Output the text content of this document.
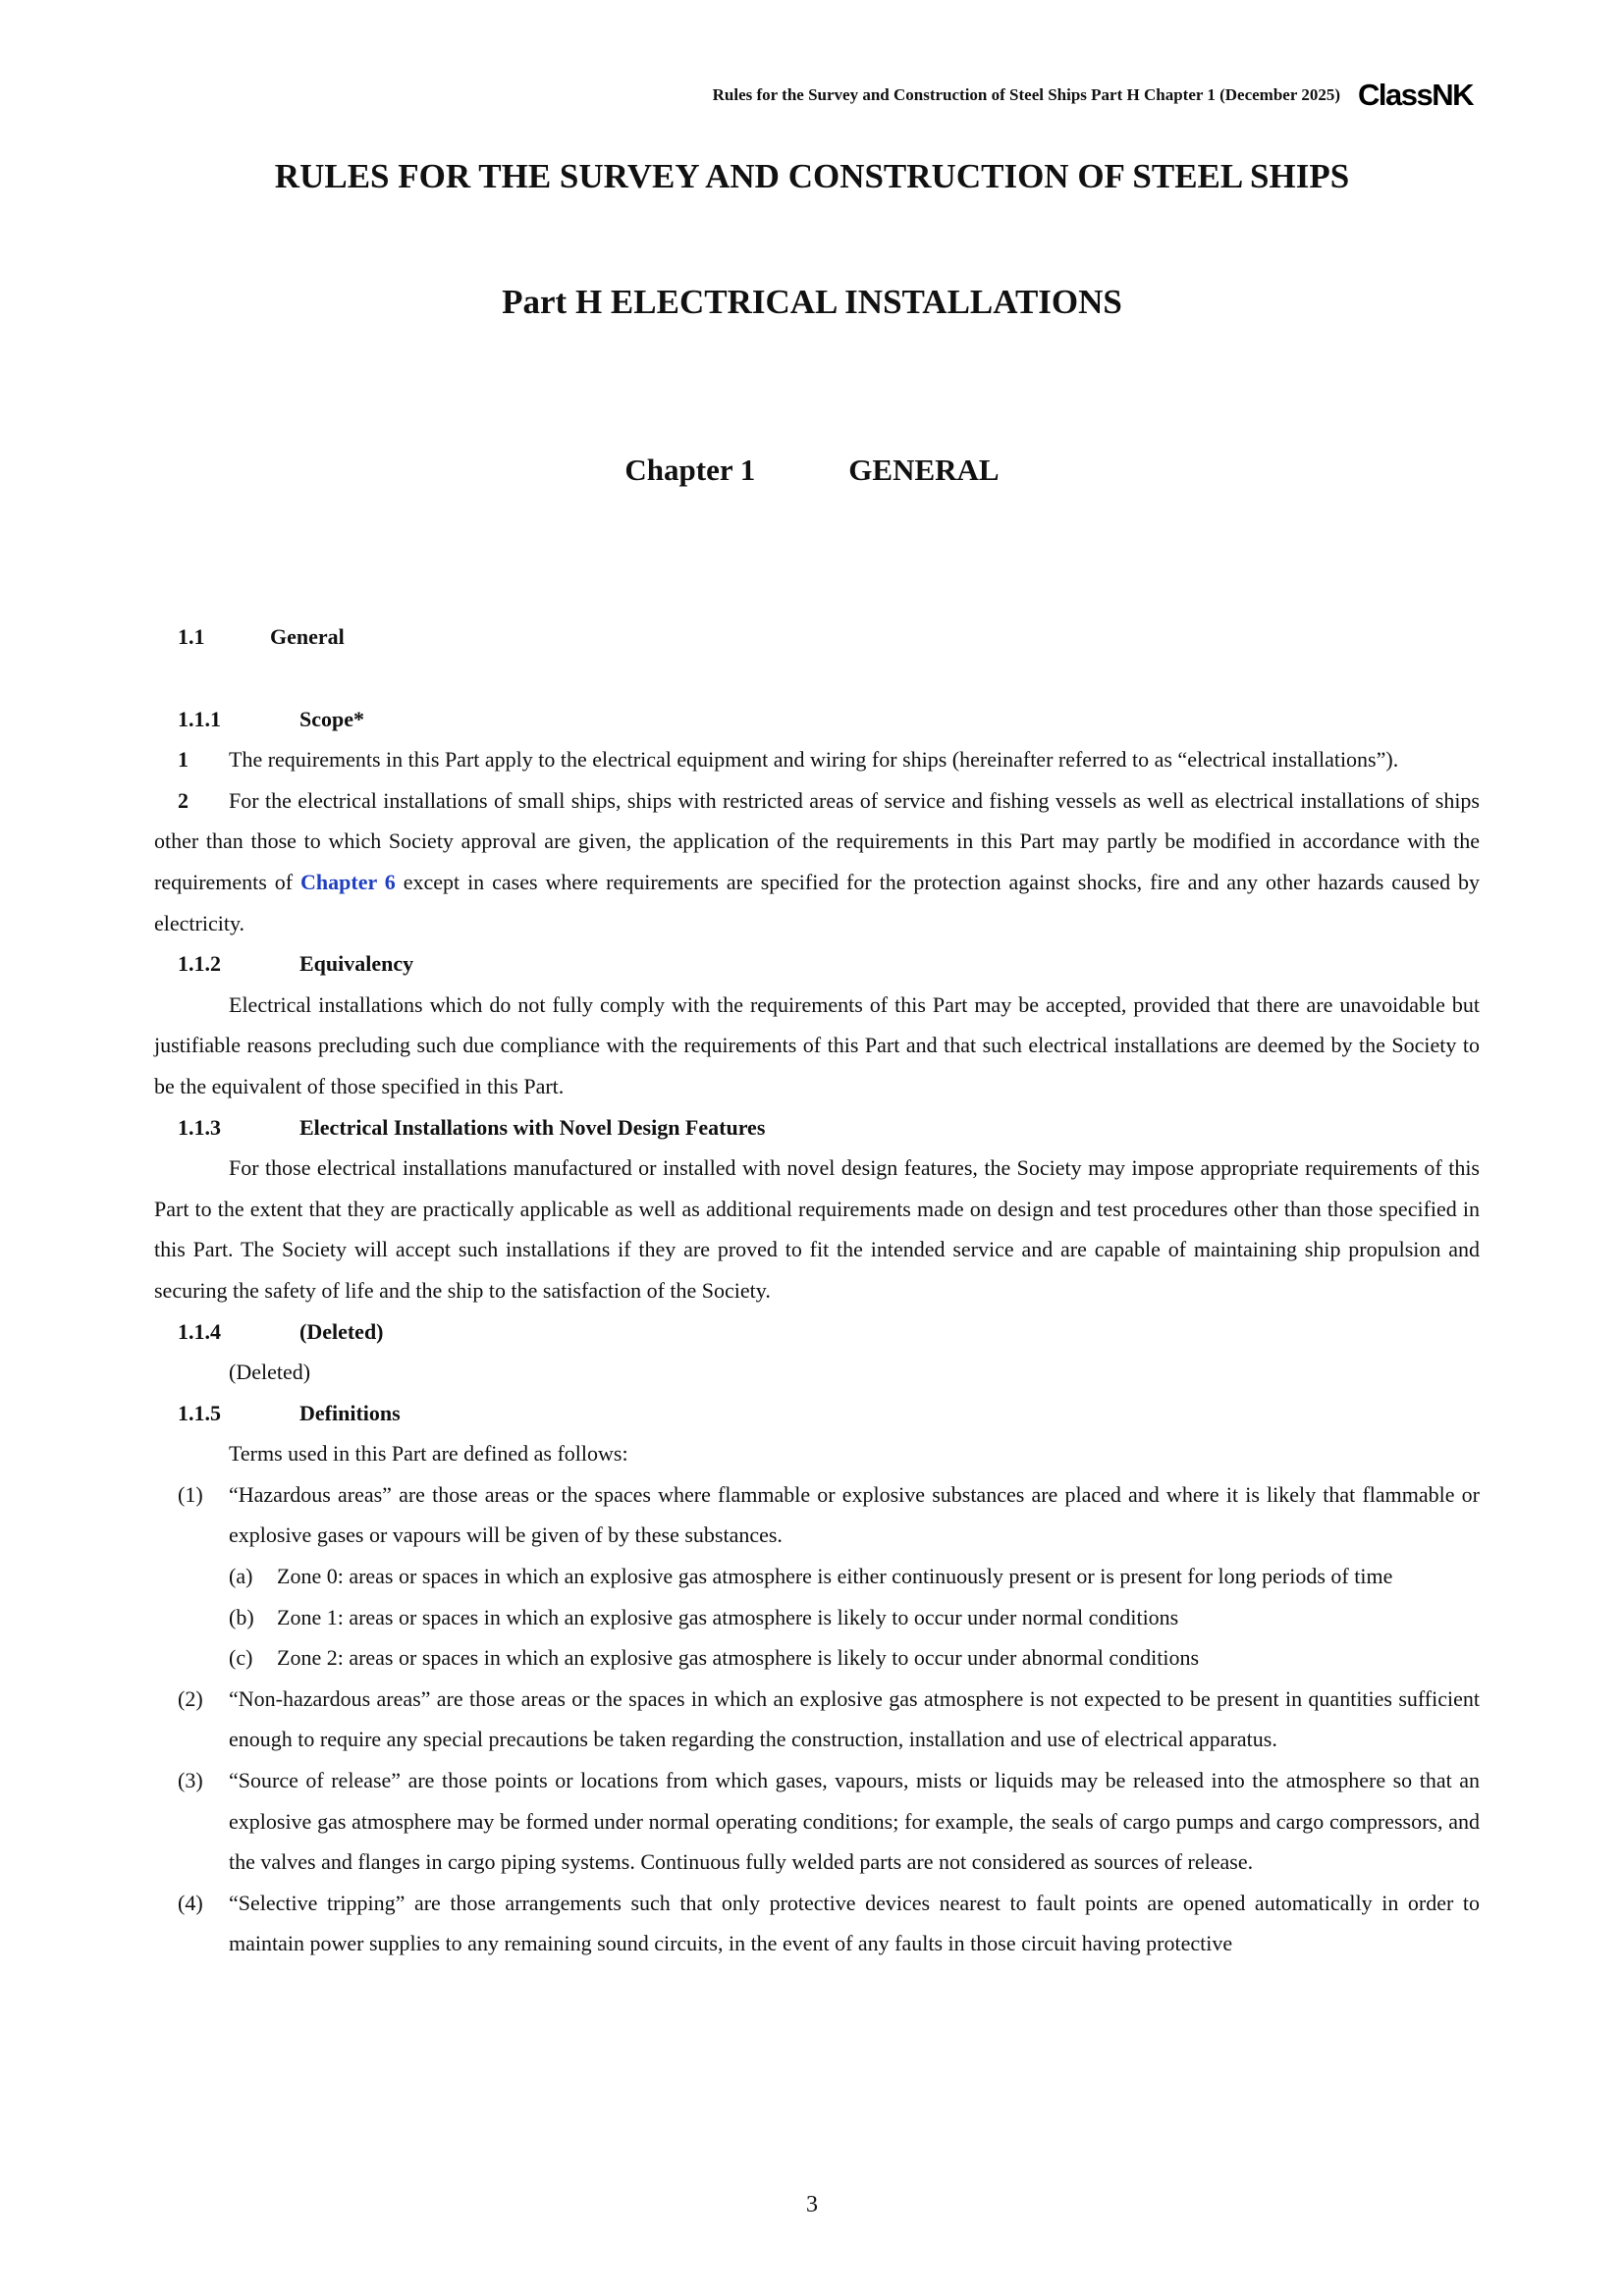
Rules for the Survey and Construction of Steel Ships Part H Chapter 1 (December 2025) ClassNK
RULES FOR THE SURVEY AND CONSTRUCTION OF STEEL SHIPS
Part H ELECTRICAL INSTALLATIONS
Chapter 1	GENERAL
1.1	General
1.1.1	Scope*

1 The requirements in this Part apply to the electrical equipment and wiring for ships (hereinafter referred to as “electrical installations”).

2 For the electrical installations of small ships, ships with restricted areas of service and fishing vessels as well as electrical installations of ships other than those to which Society approval are given, the application of the requirements in this Part may partly be modified in accordance with the requirements of Chapter 6 except in cases where requirements are specified for the protection against shocks, fire and any other hazards caused by electricity.

1.1.2	Equivalency

Electrical installations which do not fully comply with the requirements of this Part may be accepted, provided that there are unavoidable but justifiable reasons precluding such due compliance with the requirements of this Part and that such electrical installations are deemed by the Society to be the equivalent of those specified in this Part.

1.1.3	Electrical Installations with Novel Design Features

For those electrical installations manufactured or installed with novel design features, the Society may impose appropriate requirements of this Part to the extent that they are practically applicable as well as additional requirements made on design and test procedures other than those specified in this Part. The Society will accept such installations if they are proved to fit the intended service and are capable of maintaining ship propulsion and securing the safety of life and the ship to the satisfaction of the Society.

1.1.4	(Deleted)

(Deleted)

1.1.5	Definitions

Terms used in this Part are defined as follows:

(1) “Hazardous areas” are those areas or the spaces where flammable or explosive substances are placed and where it is likely that flammable or explosive gases or vapours will be given of by these substances.
(a) Zone 0: areas or spaces in which an explosive gas atmosphere is either continuously present or is present for long periods of time
(b) Zone 1: areas or spaces in which an explosive gas atmosphere is likely to occur under normal conditions
(c) Zone 2: areas or spaces in which an explosive gas atmosphere is likely to occur under abnormal conditions
(2) “Non-hazardous areas” are those areas or the spaces in which an explosive gas atmosphere is not expected to be present in quantities sufficient enough to require any special precautions be taken regarding the construction, installation and use of electrical apparatus.
(3) “Source of release” are those points or locations from which gases, vapours, mists or liquids may be released into the atmosphere so that an explosive gas atmosphere may be formed under normal operating conditions; for example, the seals of cargo pumps and cargo compressors, and the valves and flanges in cargo piping systems. Continuous fully welded parts are not considered as sources of release.
(4) “Selective tripping” are those arrangements such that only protective devices nearest to fault points are opened automatically in order to maintain power supplies to any remaining sound circuits, in the event of any faults in those circuit having protective
3
